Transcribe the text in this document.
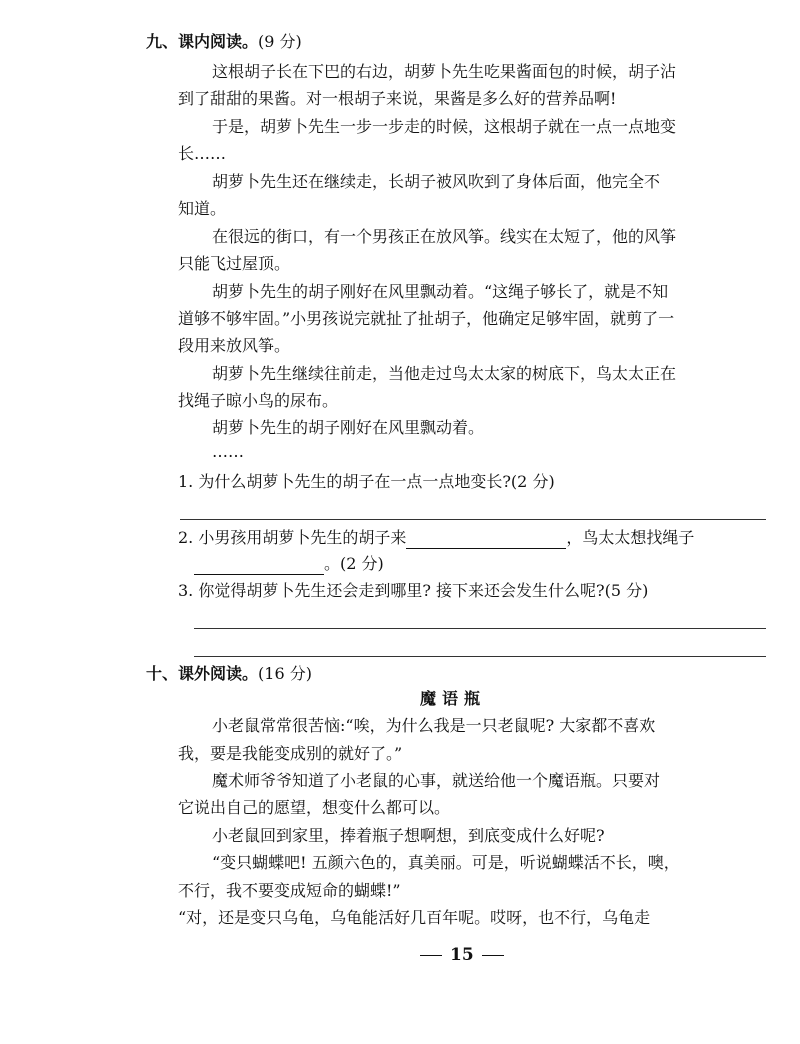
九、课内阅读。(9 分)

这根胡子长在下巴的右边，胡萝卜先生吃果酱面包的时候，胡子沾

到了甜甜的果酱。对一根胡子来说，果酱是多么好的营养品啊!

于是，胡萝卜先生一步一步走的时候，这根胡子就在一点一点地变

长……

胡萝卜先生还在继续走，长胡子被风吹到了身体后面，他完全不

知道。

在很远的街口，有一个男孩正在放风筝。线实在太短了，他的风筝

只能飞过屋顶。

胡萝卜先生的胡子刚好在风里飘动着。“这绳子够长了，就是不知

道够不够牢固。”小男孩说完就扯了扯胡子，他确定足够牢固，就剪了一

段用来放风筝。

胡萝卜先生继续往前走，当他走过鸟太太家的树底下，鸟太太正在

找绳子晾小鸟的尿布。

胡萝卜先生的胡子刚好在风里飘动着。

……

1. 为什么胡萝卜先生的胡子在一点一点地变长?(2 分)

2. 小男孩用胡萝卜先生的胡子来	，鸟太太想找绳子
。(2 分)

3. 你觉得胡萝卜先生还会走到哪里? 接下来还会发生什么呢?(5 分)

十、课外阅读。(16 分)

魔语瓶

小老鼠常常很苦恼:“唉，为什么我是一只老鼠呢? 大家都不喜欢

我，要是我能变成别的就好了。”

魔术师爷爷知道了小老鼠的心事，就送给他一个魔语瓶。只要对

它说出自己的愿望，想变什么都可以。

小老鼠回到家里，捧着瓶子想啊想，到底变成什么好呢?

“变只蝴蝶吧! 五颜六色的，真美丽。可是，听说蝴蝶活不长，噢，

不行，我不要变成短命的蝴蝶!”

“对，还是变只乌龟，乌龟能活好几百年呢。哎呀，也不行，乌龟走

15
